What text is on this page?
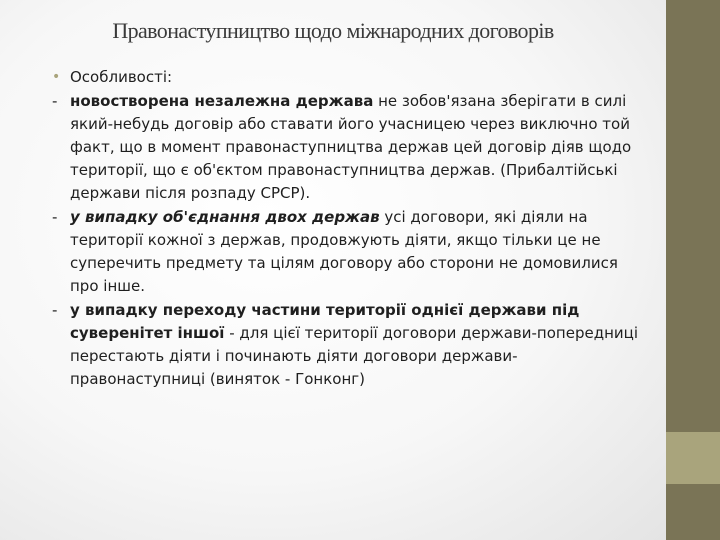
Правонаступництво щодо міжнародних договорів
• Особливості:
- новостворена незалежна держава не зобов'язана зберігати в силі який-небудь договір або ставати його учасницею через виключно той факт, що в момент правонаступництва держав цей договір діяв щодо території, що є об'єктом правонаступництва держав. (Прибалтійські держави після розпаду СРСР).
- у випадку об'єднання двох держав усі договори, які діяли на території кожної з держав, продовжують діяти, якщо тільки це не суперечить предмету та цілям договору або сторони не домовилися про інше.
- у випадку переходу частини території однієї держави під суверенітет іншої - для цієї території договори держави-попередниці перестають діяти і починають діяти договори держави-правонаступниці (виняток - Гонконг)
